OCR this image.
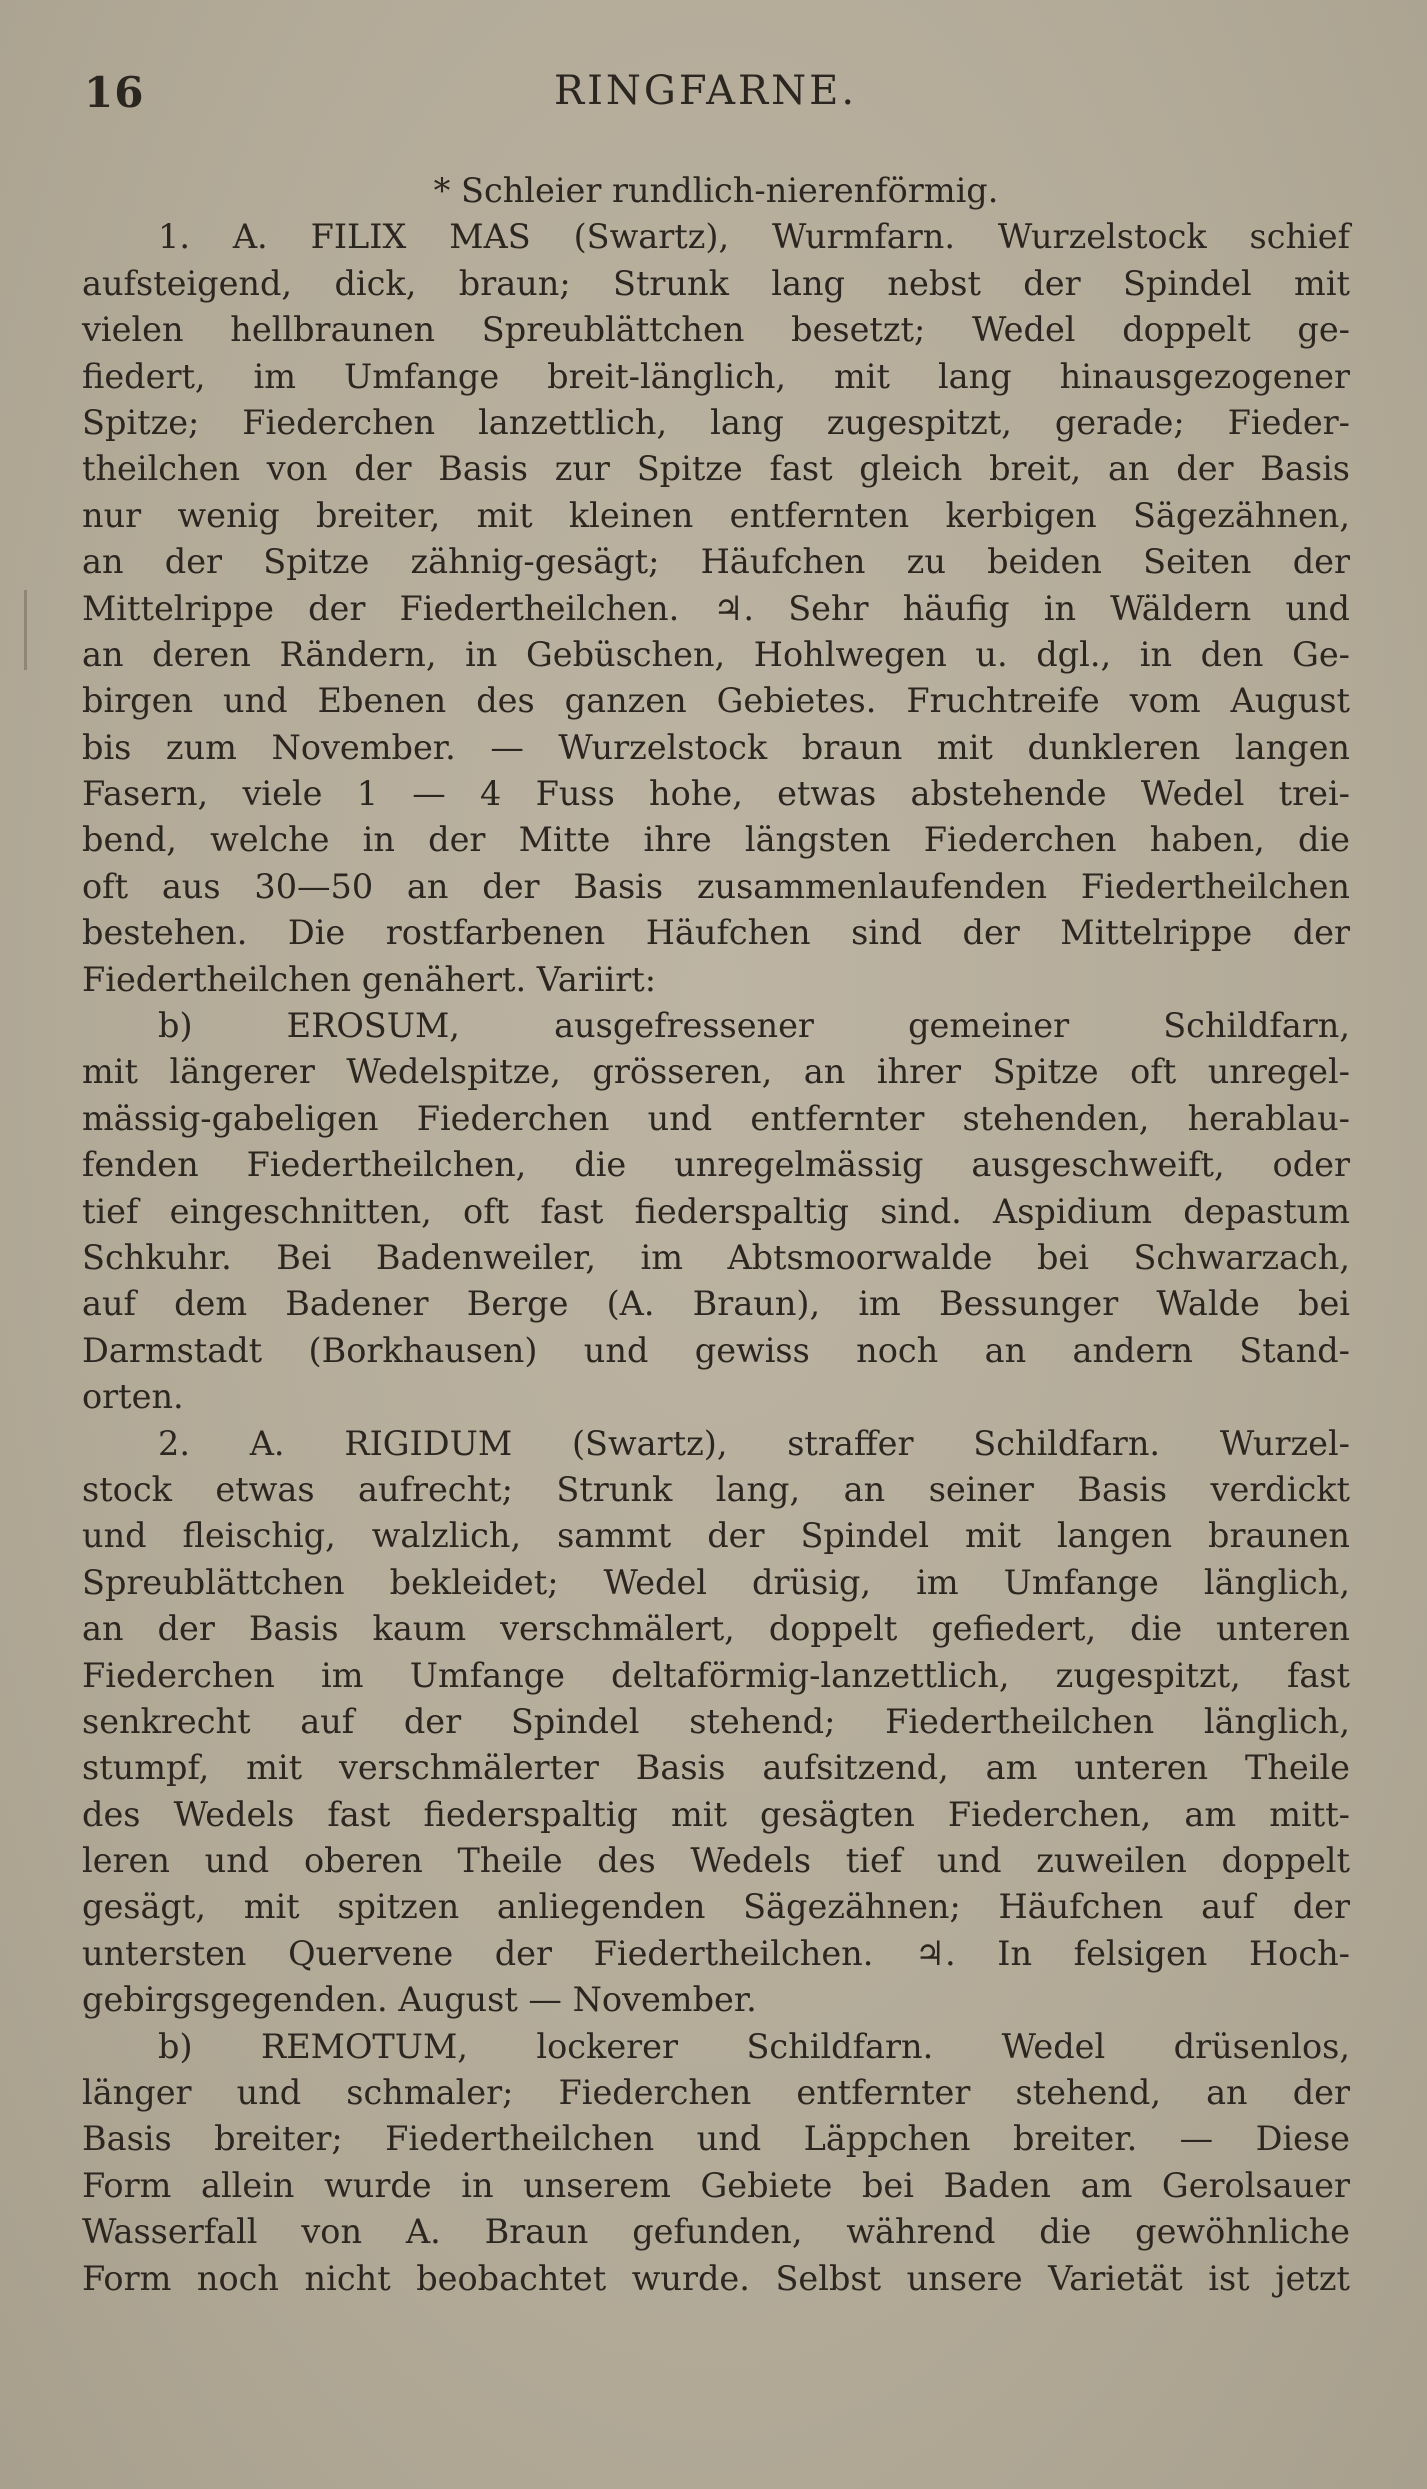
16	RINGFARNE.
* Schleier rundlich-nierenförmig.
1. A. FILIX MAS (Swartz), Wurmfarn. Wurzelstock schief
aufsteigend, dick, braun; Strunk lang nebst der Spindel mit
vielen hellbraunen Spreublättchen besetzt; Wedel doppelt ge-
fiedert, im Umfange breit-länglich, mit lang hinausgezogener
Spitze; Fiederchen lanzettlich, lang zugespitzt, gerade; Fieder-
theilchen von der Basis zur Spitze fast gleich breit, an der Basis
nur wenig breiter, mit kleinen entfernten kerbigen Sägezähnen,
an der Spitze zähnig-gesägt; Häufchen zu beiden Seiten der
Mittelrippe der Fiedertheilchen. ♃. Sehr häufig in Wäldern und
an deren Rändern, in Gebüschen, Hohlwegen u. dgl., in den Ge-
birgen und Ebenen des ganzen Gebietes. Fruchtreife vom August
bis zum November. — Wurzelstock braun mit dunkleren langen
Fasern, viele 1 — 4 Fuss hohe, etwas abstehende Wedel trei-
bend, welche in der Mitte ihre längsten Fiederchen haben, die
oft aus 30—50 an der Basis zusammenlaufenden Fiedertheilchen
bestehen. Die rostfarbenen Häufchen sind der Mittelrippe der
Fiedertheilchen genähert. Variirt:
b) EROSUM, ausgefressener gemeiner Schildfarn,
mit längerer Wedelspitze, grösseren, an ihrer Spitze oft unregel-
mässig-gabeligen Fiederchen und entfernter stehenden, herablau-
fenden Fiedertheilchen, die unregelmässig ausgeschweift, oder
tief eingeschnitten, oft fast fiederspaltig sind. Aspidium depastum
Schkuhr. Bei Badenweiler, im Abtsmoorwalde bei Schwarzach,
auf dem Badener Berge (A. Braun), im Bessunger Walde bei
Darmstadt (Borkhausen) und gewiss noch an andern Stand-
orten.
2. A. RIGIDUM (Swartz), straffer Schildfarn. Wurzel-
stock etwas aufrecht; Strunk lang, an seiner Basis verdickt
und fleischig, walzlich, sammt der Spindel mit langen braunen
Spreublättchen bekleidet; Wedel drüsig, im Umfange länglich,
an der Basis kaum verschmälert, doppelt gefiedert, die unteren
Fiederchen im Umfange deltaförmig-lanzettlich, zugespitzt, fast
senkrecht auf der Spindel stehend; Fiedertheilchen länglich,
stumpf, mit verschmälerter Basis aufsitzend, am unteren Theile
des Wedels fast fiederspaltig mit gesägten Fiederchen, am mitt-
leren und oberen Theile des Wedels tief und zuweilen doppelt
gesägt, mit spitzen anliegenden Sägezähnen; Häufchen auf der
untersten Quervene der Fiedertheilchen. ♃. In felsigen Hoch-
gebirgsgegenden. August — November.
b) REMOTUM, lockerer Schildfarn. Wedel drüsenlos,
länger und schmaler; Fiederchen entfernter stehend, an der
Basis breiter; Fiedertheilchen und Läppchen breiter. — Diese
Form allein wurde in unserem Gebiete bei Baden am Gerolsauer
Wasserfall von A. Braun gefunden, während die gewöhnliche
Form noch nicht beobachtet wurde. Selbst unsere Varietät ist jetzt
